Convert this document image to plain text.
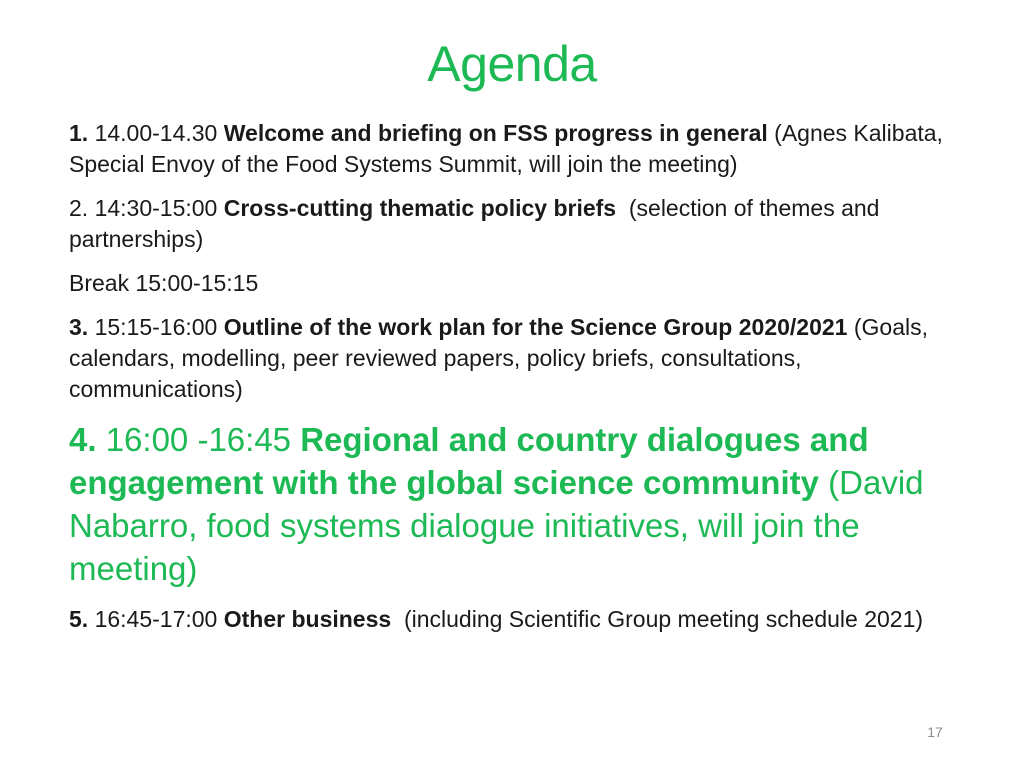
Agenda
1. 14.00-14.30 Welcome and briefing on FSS progress in general (Agnes Kalibata, Special Envoy of the Food Systems Summit, will join the meeting)
2. 14:30-15:00 Cross-cutting thematic policy briefs (selection of themes and partnerships)
Break 15:00-15:15
3. 15:15-16:00 Outline of the work plan for the Science Group 2020/2021 (Goals, calendars, modelling, peer reviewed papers, policy briefs, consultations, communications)
4. 16:00 -16:45 Regional and country dialogues and engagement with the global science community (David Nabarro, food systems dialogue initiatives, will join the meeting)
5. 16:45-17:00 Other business (including Scientific Group meeting schedule 2021)
17
